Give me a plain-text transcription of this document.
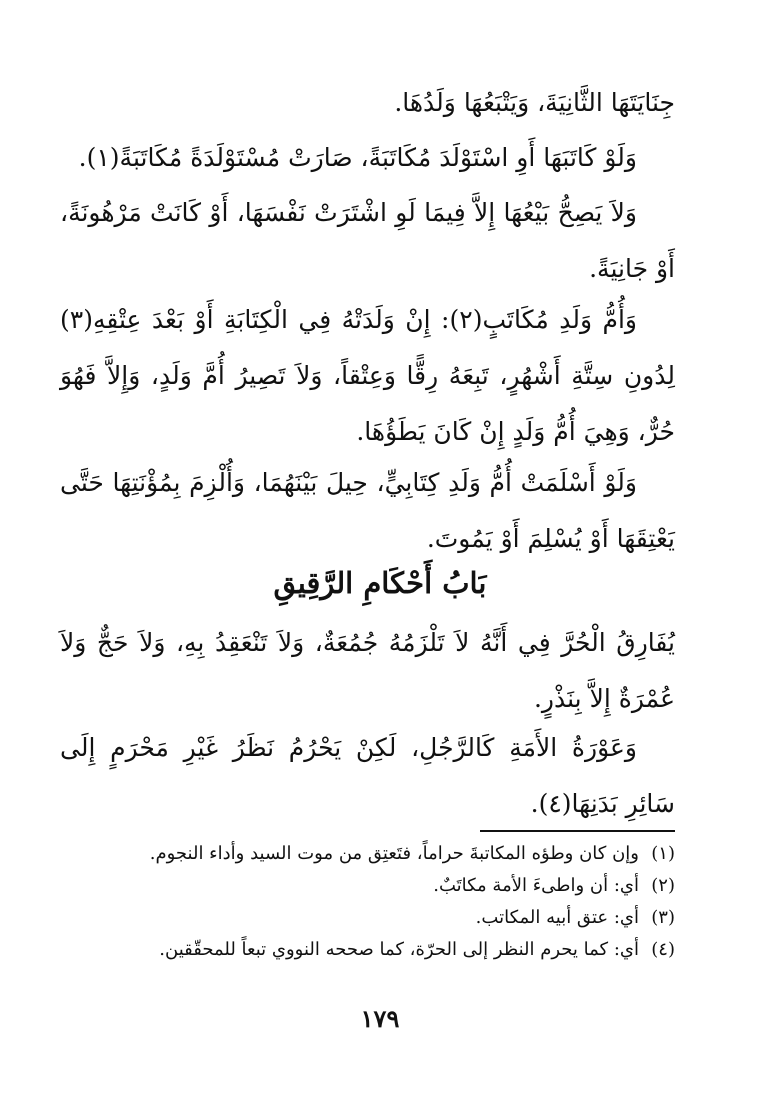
جِنَايَتَهَا الثَّانِيَةَ، وَيَتْبَعُهَا وَلَدُهَا.

وَلَوْ كَاتَبَهَا أَوِ اسْتَوْلَدَ مُكَاتَبَةً، صَارَتْ مُسْتَوْلَدَةً مُكَاتَبَةً(١).

وَلاَ يَصِحُّ بَيْعُهَا إِلاَّ فِيمَا لَوِ اشْتَرَتْ نَفْسَهَا، أَوْ كَانَتْ مَرْهُونَةً، أَوْ جَانِيَةً.

وَأُمُّ وَلَدِ مُكَاتَبٍ(٢): إِنْ وَلَدَتْهُ فِي الْكِتَابَةِ أَوْ بَعْدَ عِتْقِهِ(٣) لِدُونِ سِتَّةِ أَشْهُرٍ، تَبِعَهُ رِقًّا وَعِتْقاً، وَلاَ تَصِيرُ أُمَّ وَلَدٍ، وَإِلاَّ فَهُوَ حُرٌّ، وَهِيَ أُمُّ وَلَدٍ إِنْ كَانَ يَطَؤُهَا.

وَلَوْ أَسْلَمَتْ أُمُّ وَلَدِ كِتَابِيٍّ، حِيلَ بَيْنَهُمَا، وَأُلْزِمَ بِمُؤْنَتِهَا حَتَّى يَعْتِقَهَا أَوْ يُسْلِمَ أَوْ يَمُوتَ.

بَابُ أَحْكَامِ الرَّقِيقِ

يُفَارِقُ الْحُرَّ فِي أَنَّهُ لاَ تَلْزَمُهُ جُمُعَةٌ، وَلاَ تَنْعَقِدُ بِهِ، وَلاَ حَجٌّ وَلاَ عُمْرَةٌ إِلاَّ بِنَذْرٍ.

وَعَوْرَةُ الأَمَةِ كَالرَّجُلِ، لَكِنْ يَحْرُمُ نَظَرُ غَيْرِ مَحْرَمٍ إِلَى سَائِرِ بَدَنِهَا(٤).

(١)وإن كان وطؤه المكاتبةَ حراماً، فتَعتِق من موت السيد وأداء النجوم.
(٢)أي: أن واطىءَ الأمة مكاتَبٌ.
(٣)أي: عتق أبيه المكاتب.
(٤)أي: كما يحرم النظر إلى الحرّة، كما صححه النووي تبعاً للمحقّقين.
١٧٩
